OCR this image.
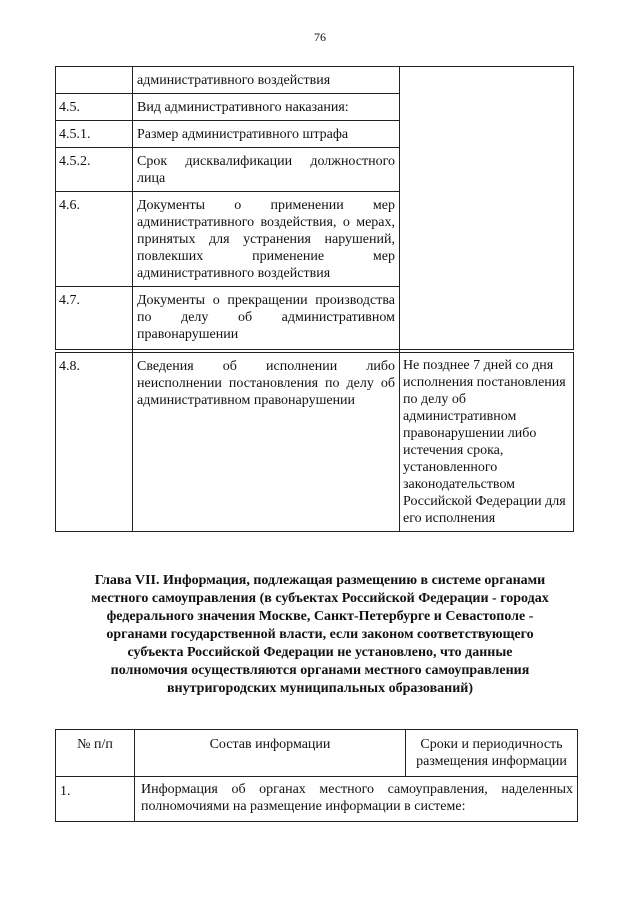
76
	административного воздействия	
4.5.	Вид административного наказания:	
4.5.1.	Размер административного штрафа	
4.5.2.	Срок дисквалификации должностного лица	
4.6.	Документы о применении мер административного воздействия, о мерах, принятых для устранения нарушений, повлекших применение мер административного воздействия	
4.7.	Документы о прекращении производства по делу об административном правонарушении	

4.8.	Сведения об исполнении либо неисполнении постановления по делу об административном правонарушении	Не позднее 7 дней со дня исполнения постановления по делу об административном правонарушении либо истечения срока, установленного законодательством Российской Федерации для его исполнения
Глава VII. Информация, подлежащая размещению в системе органами местного самоуправления (в субъектах Российской Федерации - городах федерального значения Москве, Санкт-Петербурге и Севастополе - органами государственной власти, если законом соответствующего субъекта Российской Федерации не установлено, что данные полномочия осуществляются органами местного самоуправления внутригородских муниципальных образований)
№ п/п	Состав информации	Сроки и периодичность размещения информации
1.	Информация об органах местного самоуправления, наделенных полномочиями на размещение информации в системе:	
